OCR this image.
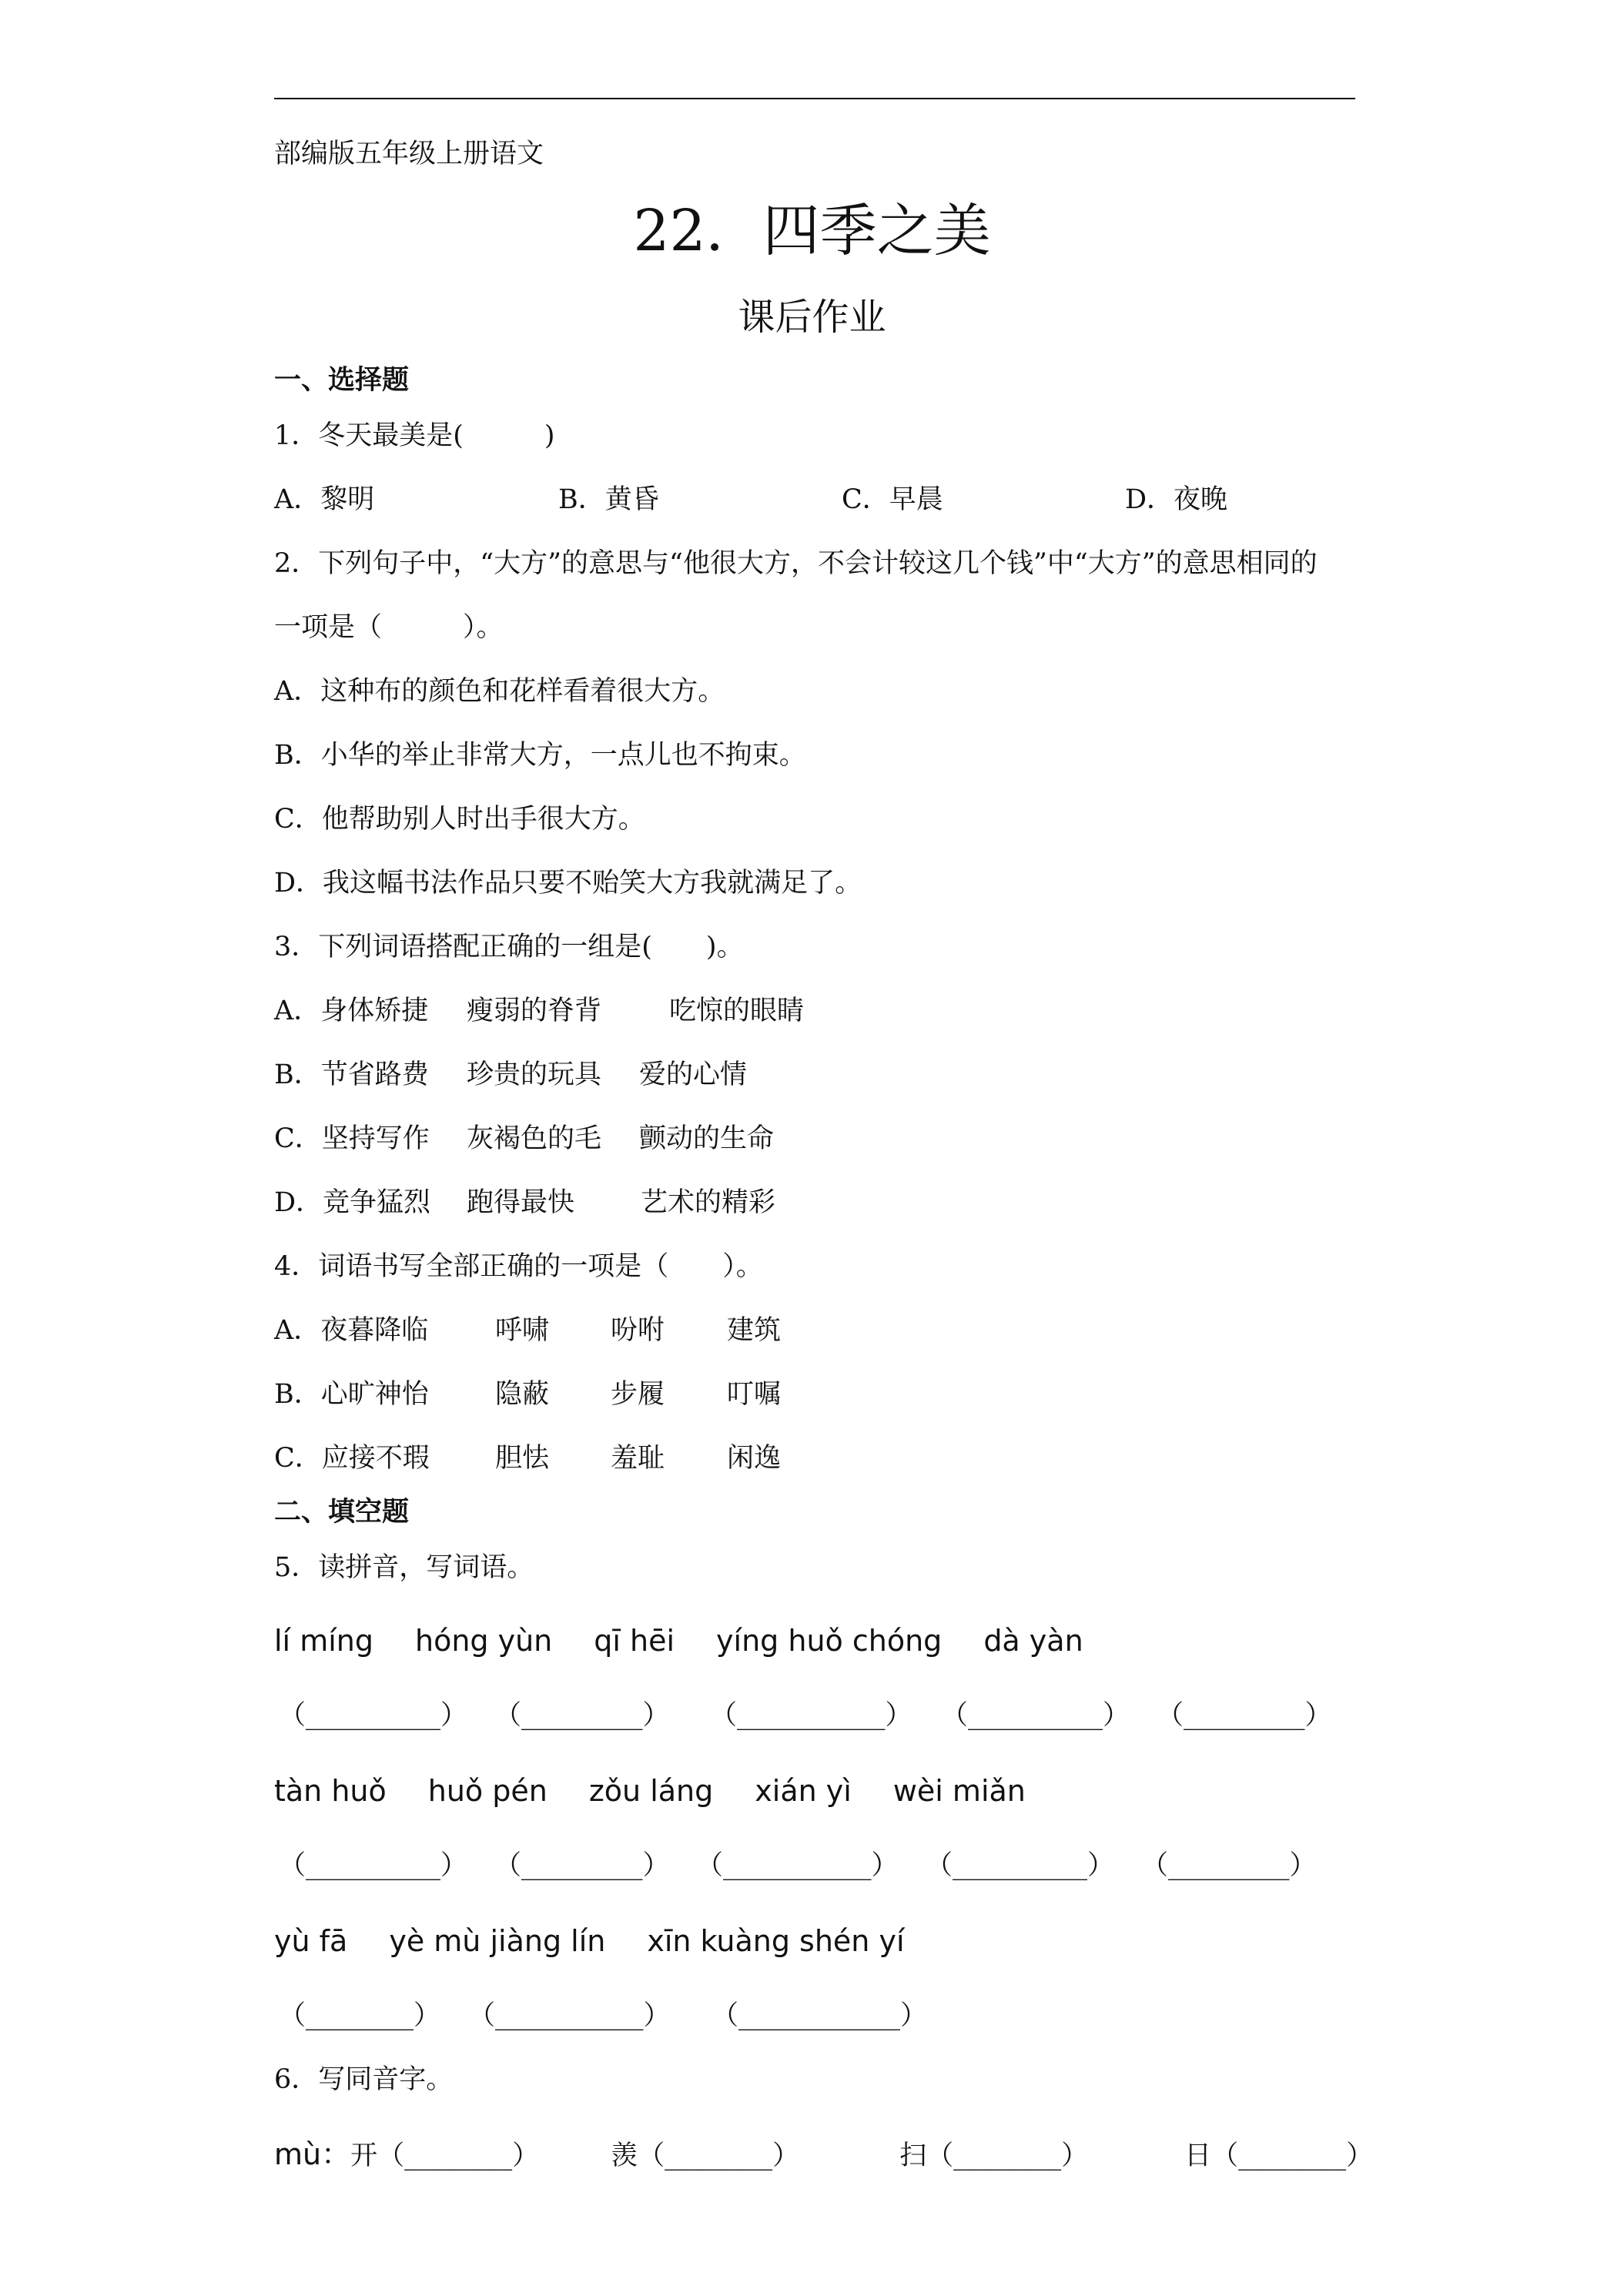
部编版五年级上册语文
22．四季之美
课后作业
一、选择题
1．冬天最美是(　　　)
A．黎明	B．黄昏	C．早晨	D．夜晚
2．下列句子中，“大方”的意思与“他很大方，不会计较这几个钱”中“大方”的意思相同的
一项是（　　　）。
A．这种布的颜色和花样看着很大方。
B．小华的举止非常大方，一点儿也不拘束。
C．他帮助别人时出手很大方。
D．我这幅书法作品只要不贻笑大方我就满足了。
3．下列词语搭配正确的一组是(　　)。
A．身体矫捷 瘦弱的脊背	吃惊的眼睛
B．节省路费 珍贵的玩具 爱的心情
C．坚持写作 灰褐色的毛 颤动的生命
D．竞争猛烈 跑得最快 艺术的精彩
4．词语书写全部正确的一项是（　　）。
A．夜暮降临 呼啸 吩咐 建筑
B．心旷神怡 隐蔽 步履 叮嘱
C．应接不瑕 胆怯 羞耻 闲逸
二、填空题
5．读拼音，写词语。
lí míng hóng yùn qī hēi yíng huǒ chóng dà yàn
（__________） （_________） （___________） （__________） （_________）
tàn huǒ huǒ pén zǒu láng xián yì wèi miǎn
（__________） （_________） （___________） （__________） （_________）
yù fā yè mù jiàng lín xīn kuàng shén yí
（________） （___________） （____________）
6．写同音字。
mù：开（________）	羡（________）	扫（________）	日（________）
